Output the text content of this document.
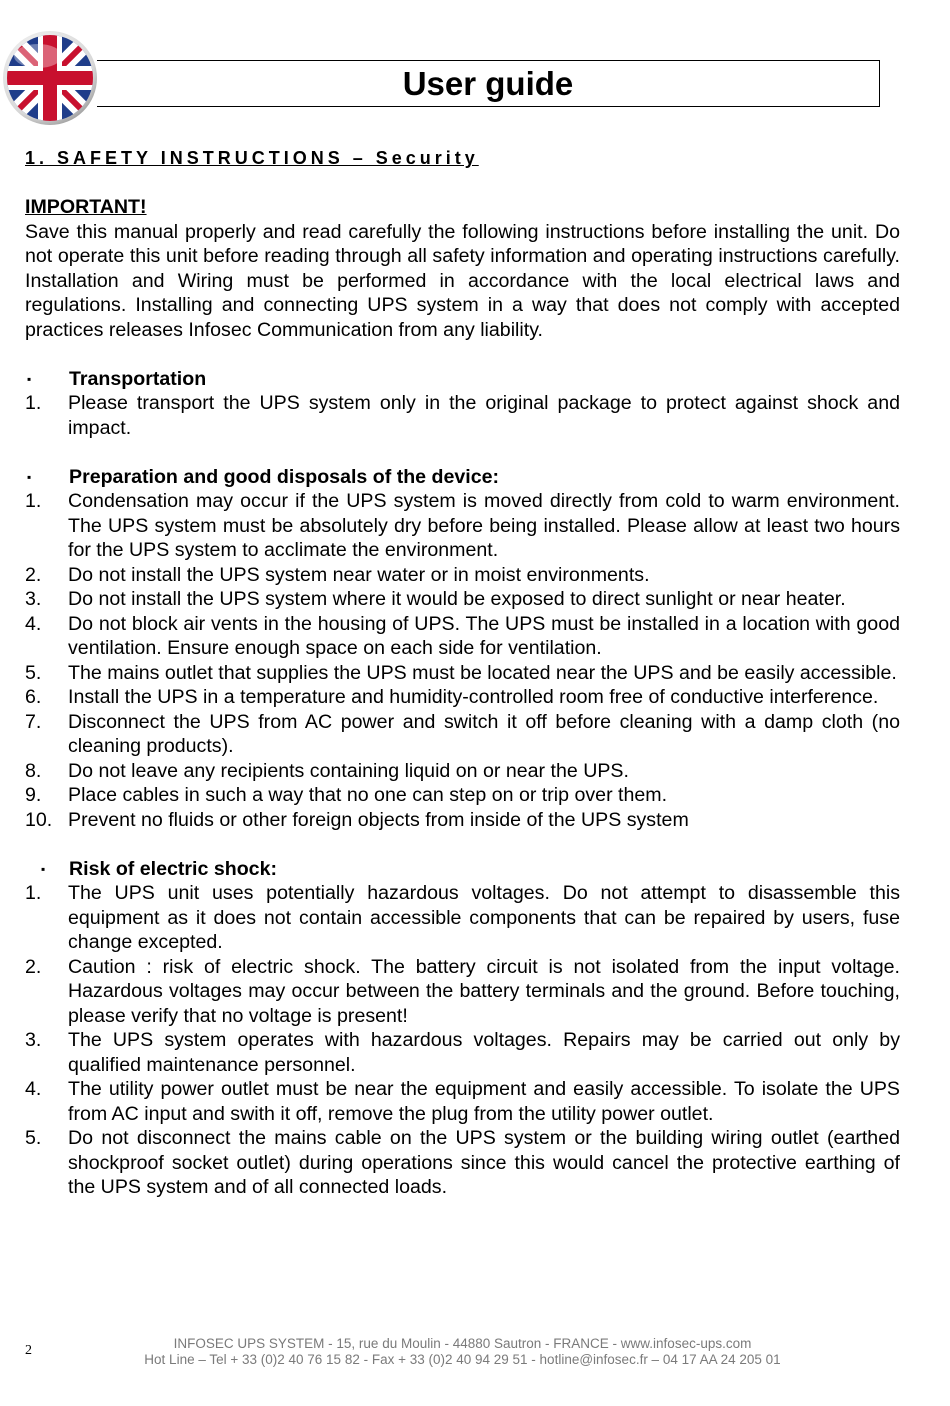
User guide
1. SAFETY INSTRUCTIONS – Security
IMPORTANT!
Save this manual properly and read carefully the following instructions before installing the unit. Do not operate this unit before reading through all safety information and operating instructions carefully. Installation and Wiring must be performed in accordance with the local electrical laws and regulations. Installing and connecting UPS system in a way that does not comply with accepted practices releases Infosec Communication from any liability.
▪	Transportation
1.	Please transport the UPS system only in the original package to protect against shock and impact.
▪	Preparation and good disposals of the device:
1.	Condensation may occur if the UPS system is moved directly from cold to warm environment. The UPS system must be absolutely dry before being installed. Please allow at least two hours for the UPS system to acclimate the environment.
2.	Do not install the UPS system near water or in moist environments.
3.	Do not install the UPS system where it would be exposed to direct sunlight or near heater.
4.	Do not block air vents in the housing of UPS. The UPS must be installed in a location with good ventilation. Ensure enough space on each side for ventilation.
5.	The mains outlet that supplies the UPS must be located near the UPS and be easily accessible.
6.	Install the UPS in a temperature and humidity-controlled room free of conductive interference.
7.	Disconnect the UPS from AC power and switch it off before cleaning with a damp cloth (no cleaning products).
8.	Do not leave any recipients containing liquid on or near the UPS.
9.	Place cables in such a way that no one can step on or trip over them.
10. Prevent no fluids or other foreign objects from inside of the UPS system
▪	Risk of electric shock:
1.	The UPS unit uses potentially hazardous voltages. Do not attempt to disassemble this equipment as it does not contain accessible components that can be repaired by users, fuse change excepted.
2.	Caution : risk of electric shock. The battery circuit is not isolated from the input voltage. Hazardous voltages may occur between the battery terminals and the ground. Before touching, please verify that no voltage is present!
3.	The UPS system operates with hazardous voltages. Repairs may be carried out only by qualified maintenance personnel.
4.	The utility power outlet must be near the equipment and easily accessible. To isolate the UPS from AC input and swith it off, remove the plug from the utility power outlet.
5.	Do not disconnect the mains cable on the UPS system or the building wiring outlet (earthed shockproof socket outlet) during operations since this would cancel the protective earthing of the UPS system and of all connected loads.
2	INFOSEC UPS SYSTEM - 15, rue du Moulin - 44880 Sautron - FRANCE - www.infosec-ups.com
Hot Line – Tel + 33 (0)2 40 76 15 82 - Fax + 33 (0)2 40 94 29 51 - hotline@infosec.fr – 04 17 AA 24 205 01
